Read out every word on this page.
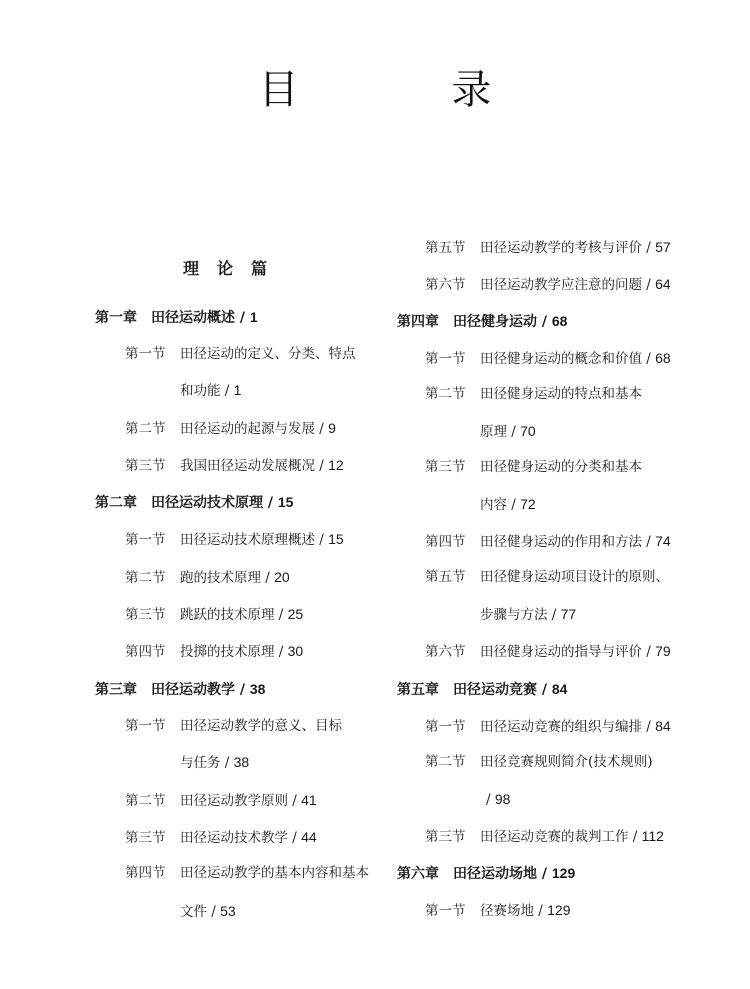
目 录
理论篇
第一章 田径运动概述 / 1
第一节 田径运动的定义、分类、特点
和功能 / 1
第二节 田径运动的起源与发展 / 9
第三节 我国田径运动发展概况 / 12
第二章 田径运动技术原理 / 15
第一节 田径运动技术原理概述 / 15
第二节 跑的技术原理 / 20
第三节 跳跃的技术原理 / 25
第四节 投掷的技术原理 / 30
第三章 田径运动教学 / 38
第一节 田径运动教学的意义、目标
与任务 / 38
第二节 田径运动教学原则 / 41
第三节 田径运动技术教学 / 44
第四节 田径运动教学的基本内容和基本
文件 / 53
第五节 田径运动教学的考核与评价 / 57
第六节 田径运动教学应注意的问题 / 64
第四章 田径健身运动 / 68
第一节 田径健身运动的概念和价值 / 68
第二节 田径健身运动的特点和基本
原理 / 70
第三节 田径健身运动的分类和基本
内容 / 72
第四节 田径健身运动的作用和方法 / 74
第五节 田径健身运动项目设计的原则、
步骤与方法 / 77
第六节 田径健身运动的指导与评价 / 79
第五章 田径运动竞赛 / 84
第一节 田径运动竞赛的组织与编排 / 84
第二节 田径竞赛规则简介(技术规则)
/ 98
第三节 田径运动竞赛的裁判工作 / 112
第六章 田径运动场地 / 129
第一节 径赛场地 / 129
